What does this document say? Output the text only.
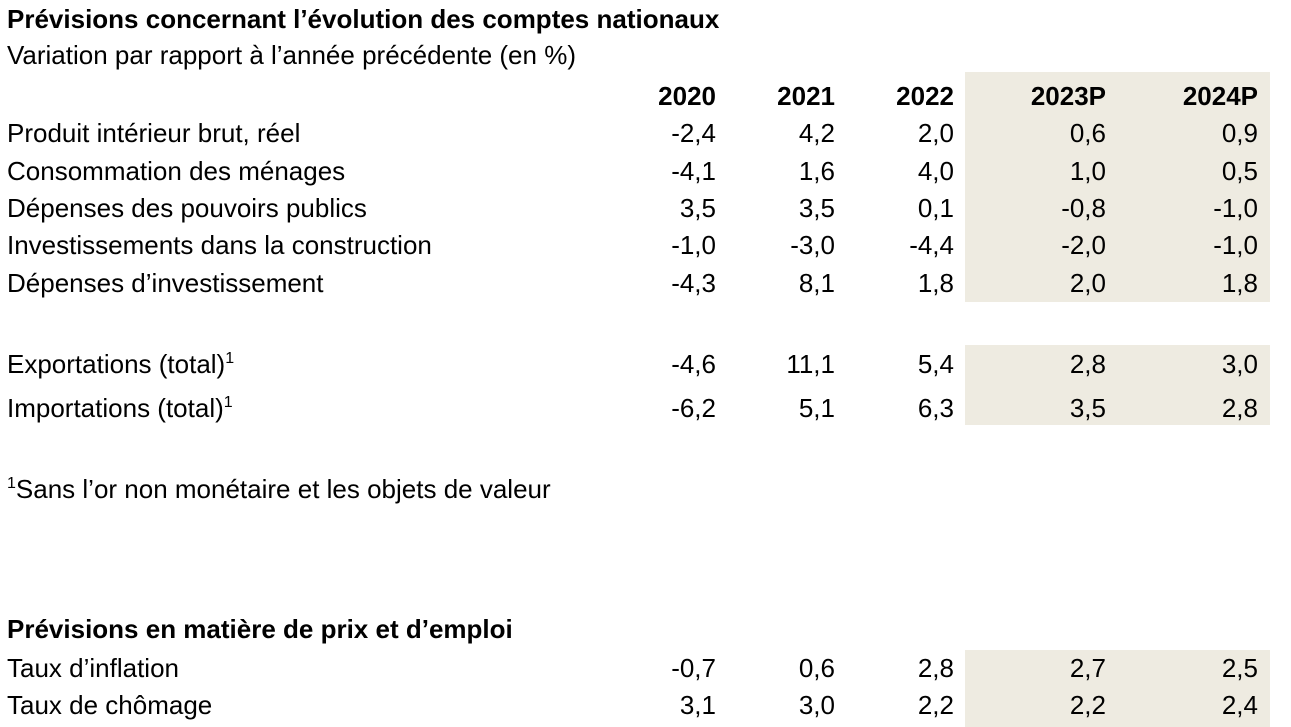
Prévisions concernant l’évolution des comptes nationaux
Variation par rapport à l’année précédente (en %)
2020 2021 2022	2023P	2024P
Produit intérieur brut, réel	-2,4	4,2	2,0	0,6	0,9
Consommation des ménages	-4,1	1,6	4,0	1,0	0,5
Dépenses des pouvoirs publics	3,5	3,5	0,1	-0,8	-1,0
Investissements dans la construction	-1,0	-3,0	-4,4	-2,0	-1,0
Dépenses d’investissement	-4,3	8,1	1,8	2,0	1,8
Exportations (total)$^1$	-4,6	11,1	5,4	2,8	3,0
Importations (total)$^1$	-6,2	5,1	6,3	3,5	2,8
$^1$Sans l’or non monétaire et les objets de valeur
Prévisions en matière de prix et d’emploi
Taux d’inflation	-0,7	0,6	2,8	2,7	2,5
Taux de chômage	3,1	3,0	2,2	2,2	2,4
